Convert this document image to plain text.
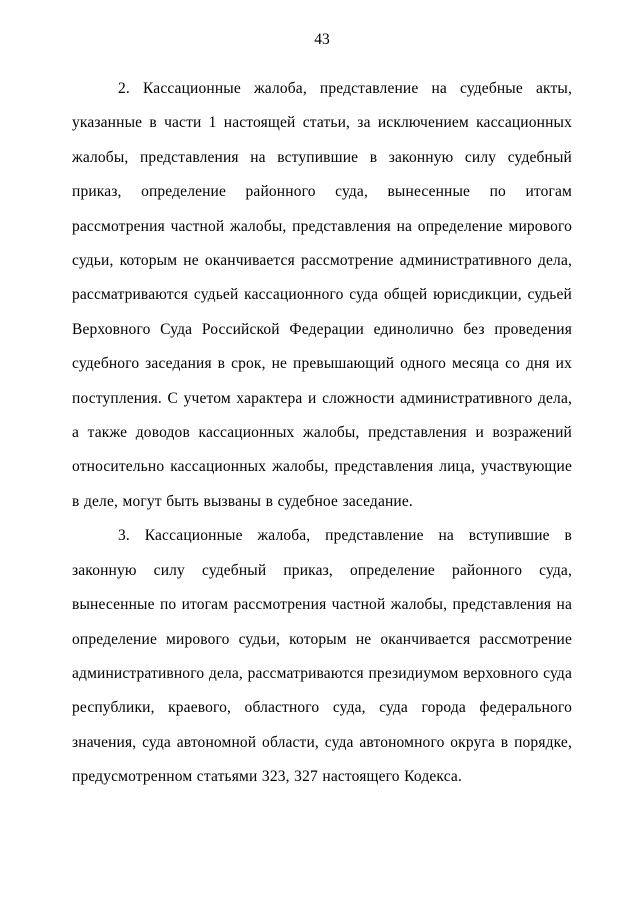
43

2. Кассационные жалоба, представление на судебные акты, указанные в части 1 настоящей статьи, за исключением кассационных жалобы, представления на вступившие в законную силу судебный приказ, определение районного суда, вынесенные по итогам рассмотрения частной жалобы, представления на определение мирового судьи, которым не оканчивается рассмотрение административного дела, рассматриваются судьей кассационного суда общей юрисдикции, судьей Верховного Суда Российской Федерации единолично без проведения судебного заседания в срок, не превышающий одного месяца со дня их поступления. С учетом характера и сложности административного дела, а также доводов кассационных жалобы, представления и возражений относительно кассационных жалобы, представления лица, участвующие в деле, могут быть вызваны в судебное заседание.

3. Кассационные жалоба, представление на вступившие в законную силу судебный приказ, определение районного суда, вынесенные по итогам рассмотрения частной жалобы, представления на определение мирового судьи, которым не оканчивается рассмотрение административного дела, рассматриваются президиумом верховного суда республики, краевого, областного суда, суда города федерального значения, суда автономной области, суда автономного округа в порядке, предусмотренном статьями 323, 327 настоящего Кодекса.
